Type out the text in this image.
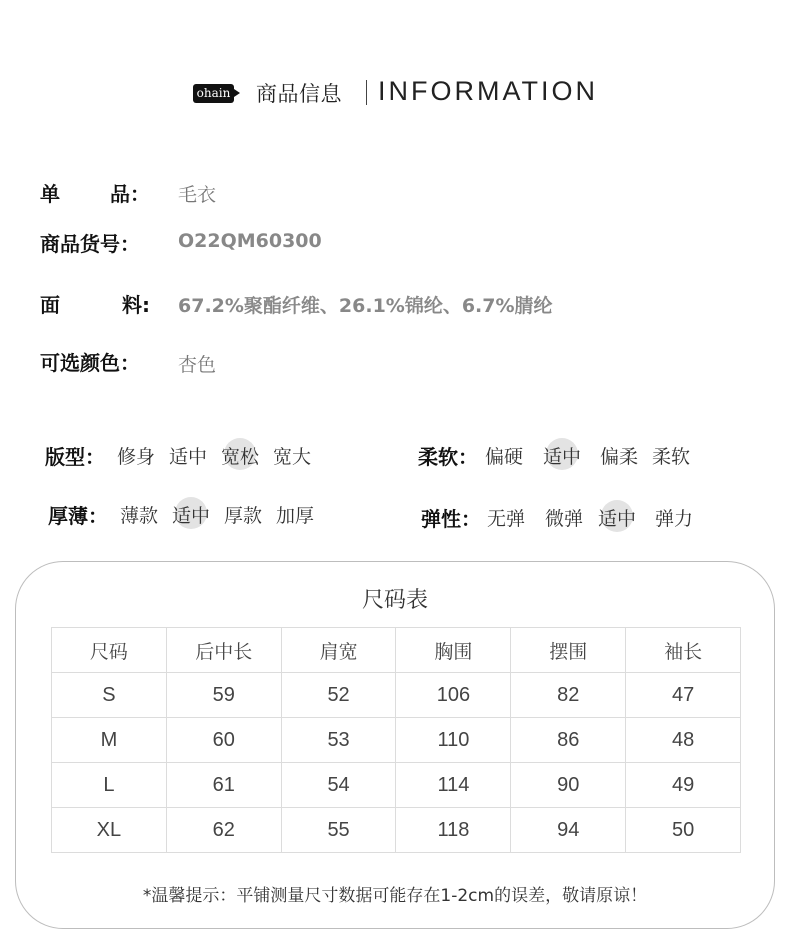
ohain 商品信息 INFORMATION
单	品： 毛衣
商品货号： O22QM60300
面	料: 67.2%聚酯纤维、26.1%锦纶、6.7%腈纶
可选颜色： 杏色
版型： 修身 适中 宽松 宽大	柔软： 偏硬 适中 偏柔 柔软
厚薄： 薄款 适中 厚款 加厚	弹性： 无弹 微弹 适中 弹力
尺码表
尺码	后中长	肩宽	胸围	摆围	袖长
S	59	52	106	82	47
M	60	53	110	86	48
L	61	54	114	90	49
XL	62	55	118	94	50
*温馨提示：平铺测量尺寸数据可能存在1-2cm的误差，敬请原谅！
